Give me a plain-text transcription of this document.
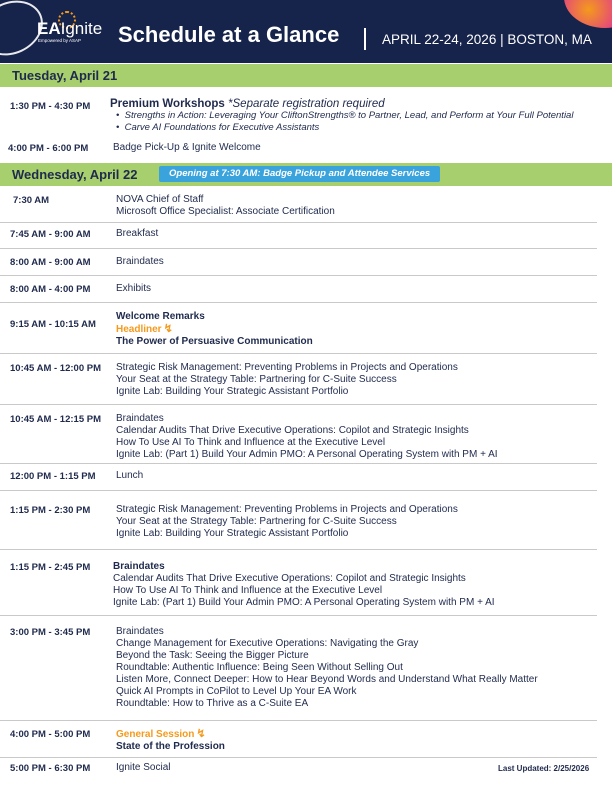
EAIgnite
Empowered by ASAP Schedule at a Glance	APRIL 22-24, 2026 | BOSTON, MA
Tuesday, April 21
1:30 PM - 4:30 PM Premium Workshops *Separate registration required
•  Strengths in Action: Leveraging Your CliftonStrengths® to Partner, Lead, and Perform at Your Full Potential
•  Carve AI Foundations for Executive Assistants
4:00 PM - 6:00 PM Badge Pick-Up & Ignite Welcome
Wednesday, April 22	Opening at 7:30 AM: Badge Pickup and Attendee Services
7:30 AM	NOVA Chief of Staff
Microsoft Office Specialist: Associate Certification
7:45 AM - 9:00 AM	Breakfast
8:00 AM - 9:00 AM	Braindates
8:00 AM - 4:00 PM	Exhibits
9:15 AM - 10:15 AM
Welcome Remarks
Headliner ↯
The Power of Persuasive Communication
10:45 AM - 12:00 PM Strategic Risk Management: Preventing Problems in Projects and Operations
Your Seat at the Strategy Table: Partnering for C-Suite Success
Ignite Lab: Building Your Strategic Assistant Portfolio
10:45 AM - 12:15 PM Braindates
Calendar Audits That Drive Executive Operations: Copilot and Strategic Insights
How To Use AI To Think and Influence at the Executive Level
Ignite Lab: (Part 1) Build Your Admin PMO: A Personal Operating System with PM + AI
12:00 PM - 1:15 PM Lunch
1:15 PM - 2:30 PM	Strategic Risk Management: Preventing Problems in Projects and Operations
Your Seat at the Strategy Table: Partnering for C-Suite Success
Ignite Lab: Building Your Strategic Assistant Portfolio
1:15 PM - 2:45 PM Braindates
Calendar Audits That Drive Executive Operations: Copilot and Strategic Insights
How To Use AI To Think and Influence at the Executive Level
Ignite Lab: (Part 1) Build Your Admin PMO: A Personal Operating System with PM + AI
3:00 PM - 3:45 PM	Braindates
Change Management for Executive Operations: Navigating the Gray
Beyond the Task: Seeing the Bigger Picture
Roundtable: Authentic Influence: Being Seen Without Selling Out
Listen More, Connect Deeper: How to Hear Beyond Words and Understand What Really Matter
Quick AI Prompts in CoPilot to Level Up Your EA Work
Roundtable: How to Thrive as a C-Suite EA
4:00 PM - 5:00 PM	General Session ↯
State of the Profession
5:00 PM - 6:30 PM	Ignite Social	Last Updated: 2/25/2026
